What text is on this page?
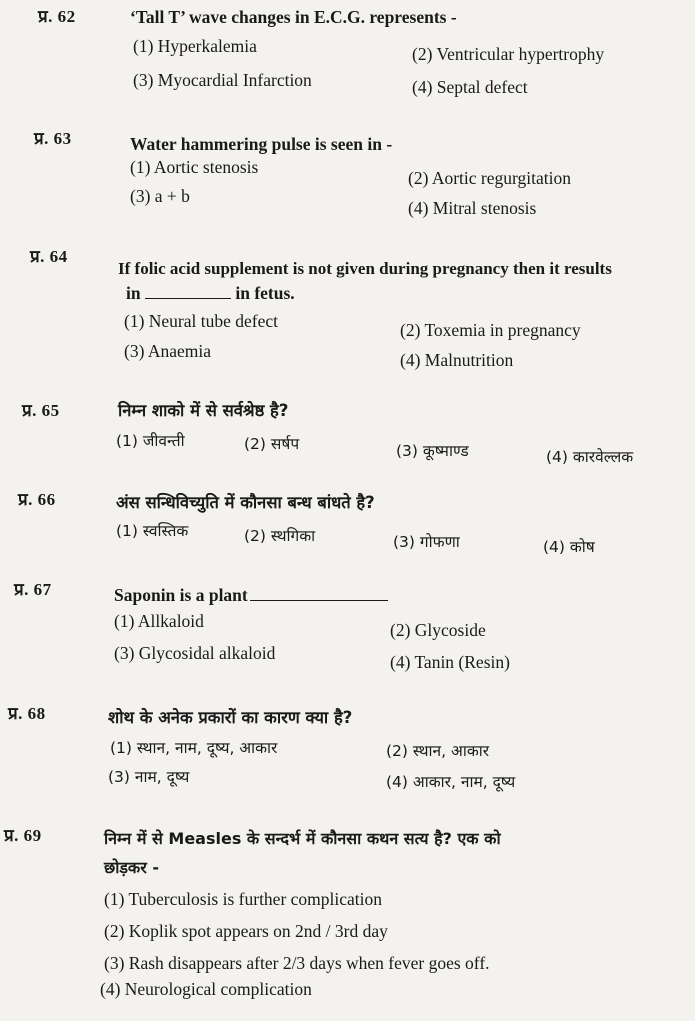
प्र. 62	‘Tall T’ wave changes in E.C.G. represents -
(1) Hyperkalemia	(2) Ventricular hypertrophy
(3) Myocardial Infarction	(4) Septal defect
प्र. 63	Water hammering pulse is seen in -
(1) Aortic stenosis
(2) Aortic regurgitation
(3) a + b
(4) Mitral stenosis
प्र. 64
If folic acid supplement is not given during pregnancy then it results
in	in fetus.
(1) Neural tube defect	(2) Toxemia in pregnancy
(3) Anaemia	(4) Malnutrition
प्र. 65	निम्न शाको में से सर्वश्रेष्ठ है?
(1) जीवन्ती	(2) सर्षप	(3) कूष्माण्ड	(4) कारवेल्लक
प्र. 66	अंस सन्धिविच्युति में कौनसा बन्ध बांधते है?
(1) स्वस्तिक	(2) स्थगिका	(3) गोफणा	(4) कोष
प्र. 67	Saponin is a plant
(1) Allkaloid	(2) Glycoside
(3) Glycosidal alkaloid	(4) Tanin (Resin)
प्र. 68	शोथ के अनेक प्रकारों का कारण क्या है?
(1) स्थान, नाम, दूष्य, आकार	(2) स्थान, आकार
(3) नाम, दूष्य	(4) आकार, नाम, दूष्य
प्र. 69	निम्न में से Measles के सन्दर्भ में कौनसा कथन सत्य है? एक को
छोड़कर -
(1) Tuberculosis is further complication
(2) Koplik spot appears on 2nd / 3rd day
(3) Rash disappears after 2/3 days when fever goes off.
(4) Neurological complication
